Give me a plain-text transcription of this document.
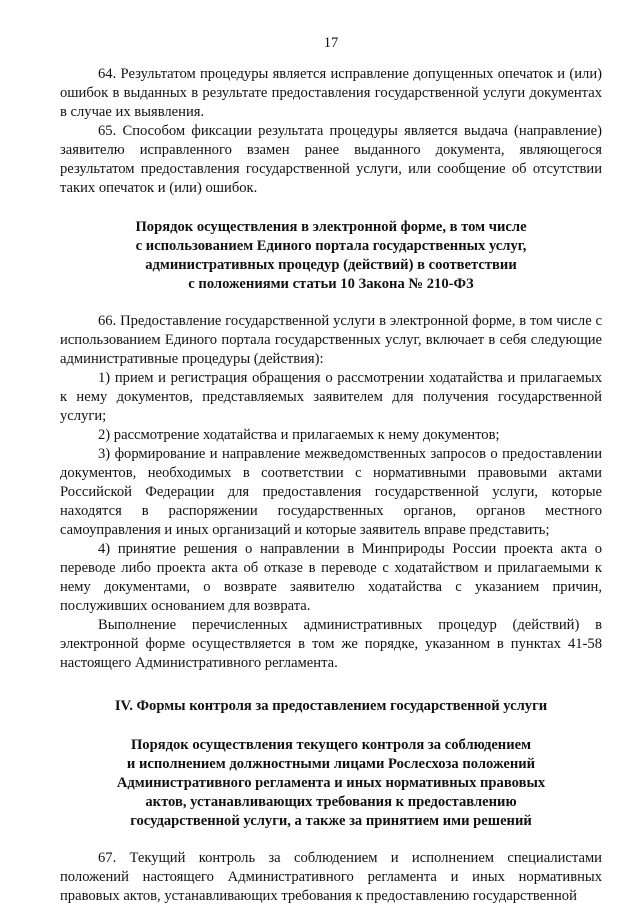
17

64. Результатом процедуры является исправление допущенных опечаток и (или) ошибок в выданных в результате предоставления государственной услуги документах в случае их выявления.

65. Способом фиксации результата процедуры является выдача (направление) заявителю исправленного взамен ранее выданного документа, являющегося результатом предоставления государственной услуги, или сообщение об отсутствии таких опечаток и (или) ошибок.

Порядок осуществления в электронной форме, в том числе
с использованием Единого портала государственных услуг,
административных процедур (действий) в соответствии
с положениями статьи 10 Закона № 210-ФЗ

66. Предоставление государственной услуги в электронной форме, в том числе с использованием Единого портала государственных услуг, включает в себя следующие административные процедуры (действия):

1) прием и регистрация обращения о рассмотрении ходатайства и прилагаемых к нему документов, представляемых заявителем для получения государственной услуги;

2) рассмотрение ходатайства и прилагаемых к нему документов;

3) формирование и направление межведомственных запросов о предоставлении документов, необходимых в соответствии с нормативными правовыми актами Российской Федерации для предоставления государственной услуги, которые находятся в распоряжении государственных органов, органов местного самоуправления и иных организаций и которые заявитель вправе представить;

4) принятие решения о направлении в Минприроды России проекта акта о переводе либо проекта акта об отказе в переводе с ходатайством и прилагаемыми к нему документами, о возврате заявителю ходатайства с указанием причин, послуживших основанием для возврата.

Выполнение перечисленных административных процедур (действий) в электронной форме осуществляется в том же порядке, указанном в пунктах 41-58 настоящего Административного регламента.

IV. Формы контроля за предоставлением государственной услуги
Порядок осуществления текущего контроля за соблюдением
и исполнением должностными лицами Рослесхоза положений
Административного регламента и иных нормативных правовых
актов, устанавливающих требования к предоставлению
государственной услуги, а также за принятием ими решений

67. Текущий контроль за соблюдением и исполнением специалистами положений настоящего Административного регламента и иных нормативных правовых актов, устанавливающих требования к предоставлению государственной
